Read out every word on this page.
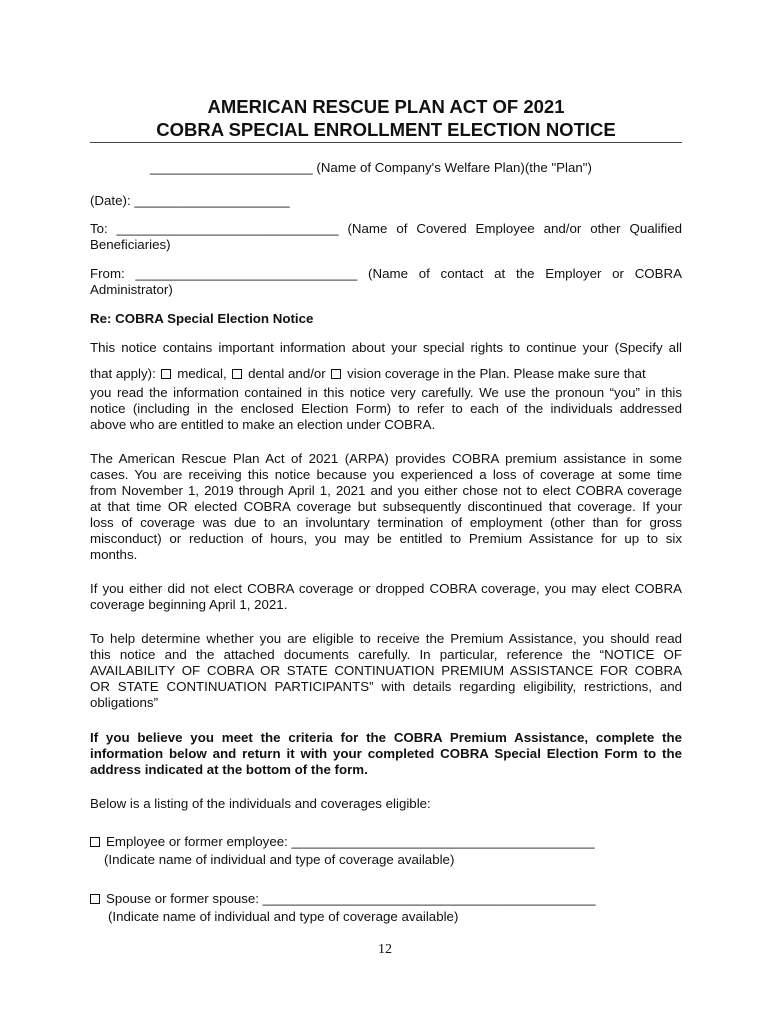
AMERICAN RESCUE PLAN ACT OF 2021
COBRA SPECIAL ENROLLMENT ELECTION NOTICE
______________________ (Name of Company's Welfare Plan)(the "Plan")
(Date): _____________________
To: ______________________________ (Name of Covered Employee and/or other Qualified
Beneficiaries)
From: ______________________________ (Name of contact at the Employer or COBRA
Administrator)
Re: COBRA Special Election Notice
This notice contains important information about your special rights to continue your (Specify all
that apply):  medical,  dental and/or  vision coverage in the Plan. Please make sure that
you read the information contained in this notice very carefully. We use the pronoun “you” in this
notice (including in the enclosed Election Form) to refer to each of the individuals addressed
above who are entitled to make an election under COBRA.
The American Rescue Plan Act of 2021 (ARPA) provides COBRA premium assistance in some
cases. You are receiving this notice because you experienced a loss of coverage at some time
from November 1, 2019 through April 1, 2021 and you either chose not to elect COBRA coverage
at that time OR elected COBRA coverage but subsequently discontinued that coverage. If your
loss of coverage was due to an involuntary termination of employment (other than for gross
misconduct) or reduction of hours, you may be entitled to Premium Assistance for up to six
months.
If you either did not elect COBRA coverage or dropped COBRA coverage, you may elect COBRA
coverage beginning April 1, 2021.
To help determine whether you are eligible to receive the Premium Assistance, you should read
this notice and the attached documents carefully. In particular, reference the “NOTICE OF
AVAILABILITY OF COBRA OR STATE CONTINUATION PREMIUM ASSISTANCE FOR COBRA
OR STATE CONTINUATION PARTICIPANTS” with details regarding eligibility, restrictions, and
obligations”
If you believe you meet the criteria for the COBRA Premium Assistance, complete the
information below and return it with your completed COBRA Special Election Form to the
address indicated at the bottom of the form.
Below is a listing of the individuals and coverages eligible:
Employee or former employee: _________________________________________
(Indicate name of individual and type of coverage available)
Spouse or former spouse: _____________________________________________
(Indicate name of individual and type of coverage available)
12
